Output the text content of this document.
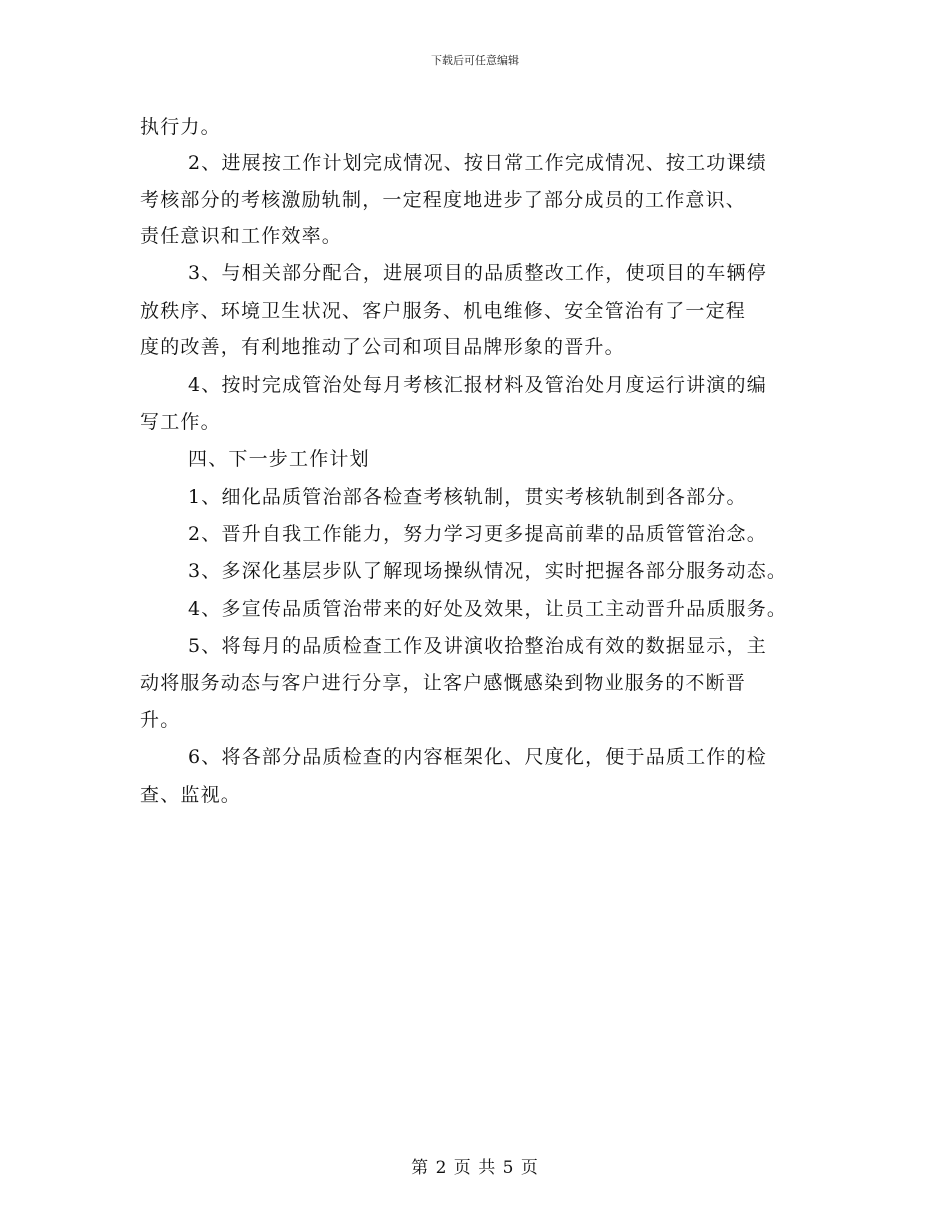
下载后可任意编辑
执行力。
2、进展按工作计划完成情况、按日常工作完成情况、按工功课绩
考核部分的考核激励轨制，一定程度地进步了部分成员的工作意识、
责任意识和工作效率。
3、与相关部分配合，进展项目的品质整改工作，使项目的车辆停
放秩序、环境卫生状况、客户服务、机电维修、安全管治有了一定程
度的改善，有利地推动了公司和项目品牌形象的晋升。
4、按时完成管治处每月考核汇报材料及管治处月度运行讲演的编
写工作。
四、下一步工作计划
1、细化品质管治部各检查考核轨制，贯实考核轨制到各部分。
2、晋升自我工作能力，努力学习更多提高前辈的品质管管治念。
3、多深化基层步队了解现场操纵情况，实时把握各部分服务动态。
4、多宣传品质管治带来的好处及效果，让员工主动晋升品质服务。
5、将每月的品质检查工作及讲演收拾整治成有效的数据显示，主
动将服务动态与客户进行分享，让客户感慨感染到物业服务的不断晋
升。
6、将各部分品质检查的内容框架化、尺度化，便于品质工作的检
查、监视。
第 2 页 共 5 页
